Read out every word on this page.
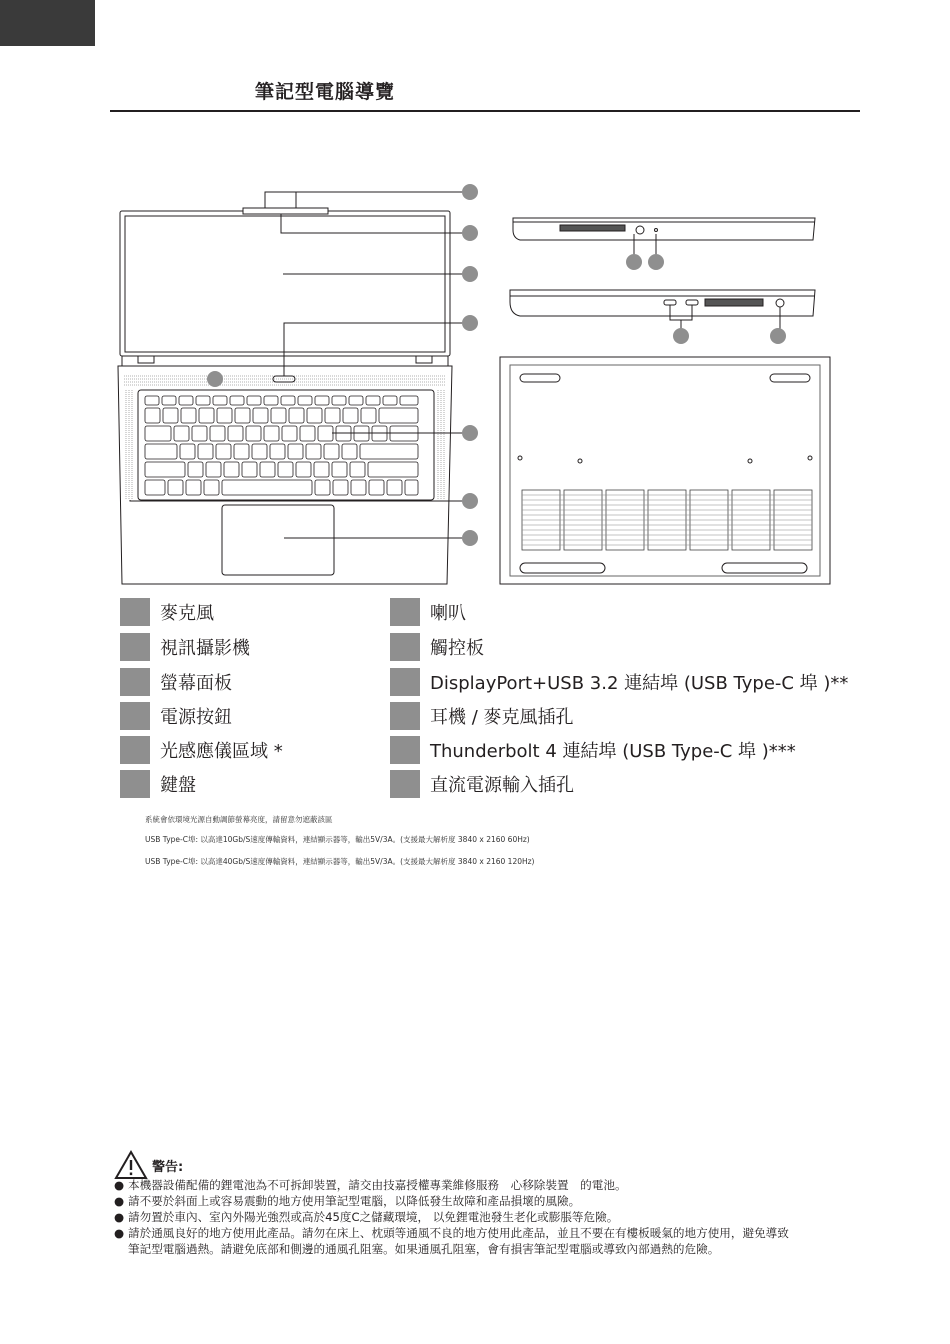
筆記型電腦導覽
麥克風
視訊攝影機
螢幕面板
電源按鈕
光感應儀區域 *
鍵盤
喇叭
觸控板
DisplayPort+USB 3.2 連結埠 (USB Type-C 埠 )**
耳機 / 麥克風插孔
Thunderbolt 4 連結埠 (USB Type-C 埠 )***
直流電源輸入插孔
系統會依環境光源自動調節螢幕亮度，請留意勿遮蔽該區
USB Type-C埠: 以高達10Gb/S速度傳輸資料，連結顯示器等，輸出5V/3A。(支援最大解析度 3840 x 2160 60Hz)
USB Type-C埠: 以高達40Gb/S速度傳輸資料，連結顯示器等，輸出5V/3A。(支援最大解析度 3840 x 2160 120Hz)
警告:
● 本機器設備配備的鋰電池為不可拆卸裝置，請交由技嘉授權專業維修服務　心移除裝置　的電池。
● 請不要於斜面上或容易震動的地方使用筆記型電腦，以降低發生故障和產品損壞的風險。
● 請勿置於車內、室內外陽光強烈或高於45度C之儲藏環境， 以免鋰電池發生老化或膨脹等危險。
● 請於通風良好的地方使用此產品。請勿在床上、枕頭等通風不良的地方使用此產品，並且不要在有樓板暖氣的地方使用，避免導致筆記型電腦過熱。請避免底部和側邊的通風孔阻塞。如果通風孔阻塞，會有損害筆記型電腦或導致內部過熱的危險。
